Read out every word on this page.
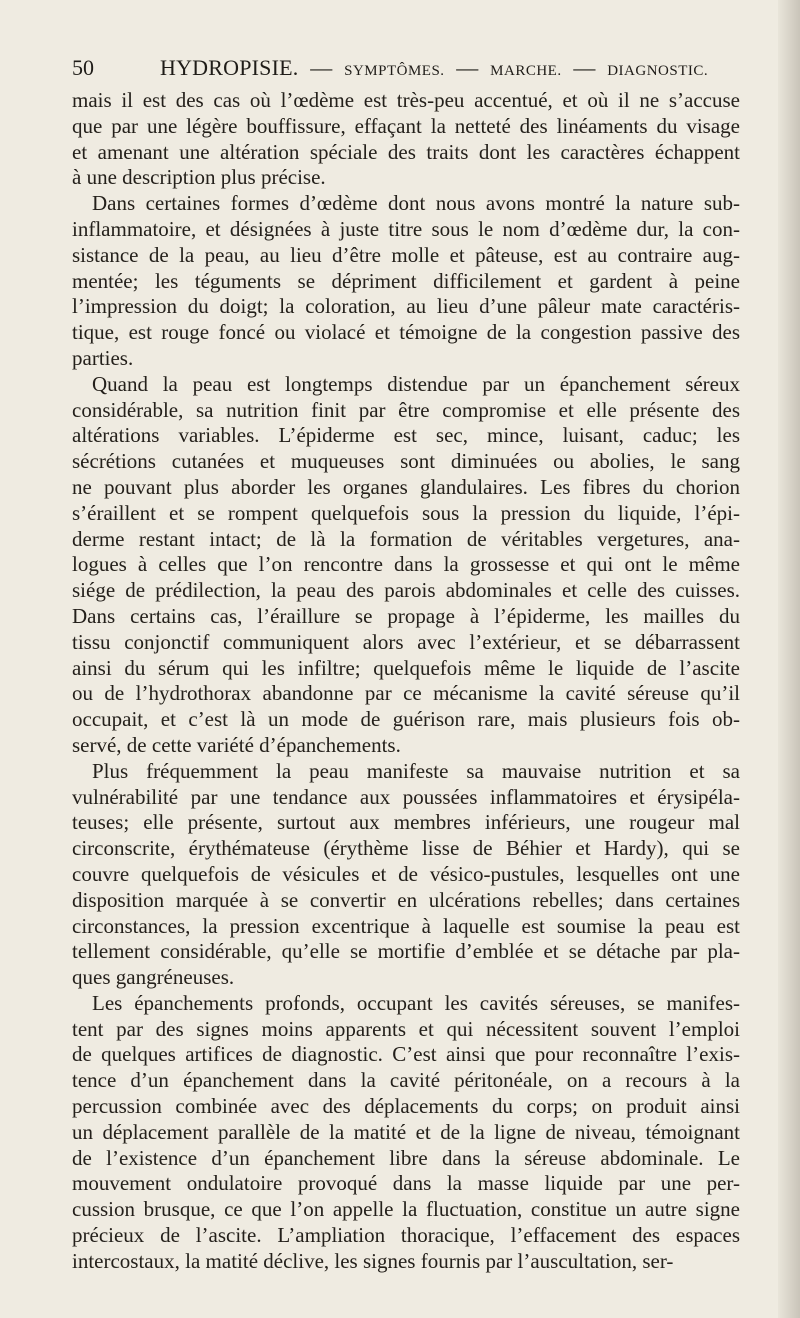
50	HYDROPISIE. — SYMPTÔMES. — MARCHE. — DIAGNOSTIC.
mais il est des cas où l’œdème est très-peu accentué, et où il ne s’accuse
que par une légère bouffissure, effaçant la netteté des linéaments du visage
et amenant une altération spéciale des traits dont les caractères échappent
à une description plus précise.
Dans certaines formes d’œdème dont nous avons montré la nature sub-
inflammatoire, et désignées à juste titre sous le nom d’œdème dur, la con-
sistance de la peau, au lieu d’être molle et pâteuse, est au contraire aug-
mentée; les téguments se dépriment difficilement et gardent à peine
l’impression du doigt; la coloration, au lieu d’une pâleur mate caractéris-
tique, est rouge foncé ou violacé et témoigne de la congestion passive des
parties.
Quand la peau est longtemps distendue par un épanchement séreux
considérable, sa nutrition finit par être compromise et elle présente des
altérations variables. L’épiderme est sec, mince, luisant, caduc; les
sécrétions cutanées et muqueuses sont diminuées ou abolies, le sang
ne pouvant plus aborder les organes glandulaires. Les fibres du chorion
s’éraillent et se rompent quelquefois sous la pression du liquide, l’épi-
derme restant intact; de là la formation de véritables vergetures, ana-
logues à celles que l’on rencontre dans la grossesse et qui ont le même
siége de prédilection, la peau des parois abdominales et celle des cuisses.
Dans certains cas, l’éraillure se propage à l’épiderme, les mailles du
tissu conjonctif communiquent alors avec l’extérieur, et se débarrassent
ainsi du sérum qui les infiltre; quelquefois même le liquide de l’ascite
ou de l’hydrothorax abandonne par ce mécanisme la cavité séreuse qu’il
occupait, et c’est là un mode de guérison rare, mais plusieurs fois ob-
servé, de cette variété d’épanchements.
Plus fréquemment la peau manifeste sa mauvaise nutrition et sa
vulnérabilité par une tendance aux poussées inflammatoires et érysipéla-
teuses; elle présente, surtout aux membres inférieurs, une rougeur mal
circonscrite, érythémateuse (érythème lisse de Béhier et Hardy), qui se
couvre quelquefois de vésicules et de vésico-pustules, lesquelles ont une
disposition marquée à se convertir en ulcérations rebelles; dans certaines
circonstances, la pression excentrique à laquelle est soumise la peau est
tellement considérable, qu’elle se mortifie d’emblée et se détache par pla-
ques gangréneuses.
Les épanchements profonds, occupant les cavités séreuses, se manifes-
tent par des signes moins apparents et qui nécessitent souvent l’emploi
de quelques artifices de diagnostic. C’est ainsi que pour reconnaître l’exis-
tence d’un épanchement dans la cavité péritonéale, on a recours à la
percussion combinée avec des déplacements du corps; on produit ainsi
un déplacement parallèle de la matité et de la ligne de niveau, témoignant
de l’existence d’un épanchement libre dans la séreuse abdominale. Le
mouvement ondulatoire provoqué dans la masse liquide par une per-
cussion brusque, ce que l’on appelle la fluctuation, constitue un autre signe
précieux de l’ascite. L’ampliation thoracique, l’effacement des espaces
intercostaux, la matité déclive, les signes fournis par l’auscultation, ser-
